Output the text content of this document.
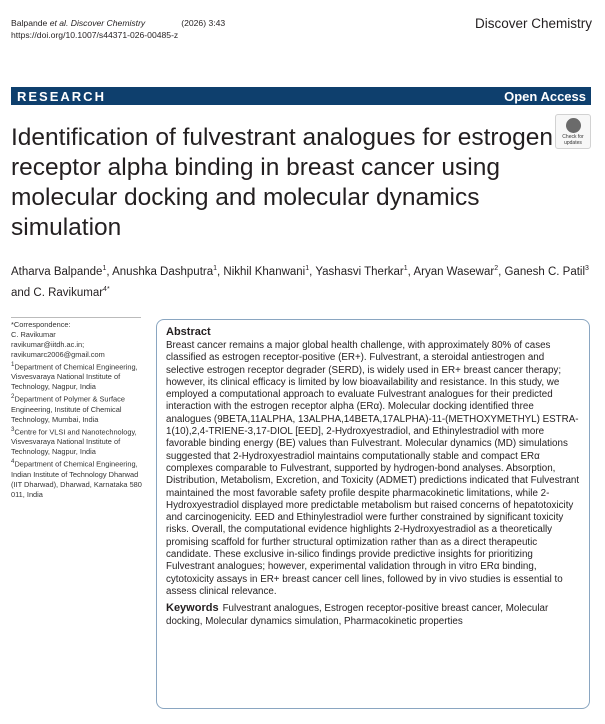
Balpande et al. Discover Chemistry	(2026) 3:43
https://doi.org/10.1007/s44371-026-00485-z
Discover Chemistry
RESEARCH	Open Access
Check for
updates
Identification of fulvestrant analogues for estrogen receptor alpha binding in breast cancer using molecular docking and molecular dynamics simulation
Atharva Balpande$^1$, Anushka Dashputra$^1$, Nikhil Khanwani$^1$, Yashasvi Therkar$^1$, Aryan Wasewar$^2$, Ganesh C. Patil$^3$ and C. Ravikumar$^{4*}$

*Correspondence:

C. Ravikumar

ravikumar@iitdh.ac.in;

ravikumarc2006@gmail.com

$^1$Department of Chemical Engineering, Visvesvaraya National Institute of Technology, Nagpur, India

$^2$Department of Polymer & Surface Engineering, Institute of Chemical Technology, Mumbai, India

$^3$Centre for VLSI and Nanotechnology, Visvesvaraya National Institute of Technology, Nagpur, India

$^4$Department of Chemical Engineering, Indian Institute of Technology Dharwad (IIT Dharwad), Dharwad, Karnataka 580 011, India

Abstract
Breast cancer remains a major global health challenge, with approximately 80% of cases classified as estrogen receptor-positive (ER+). Fulvestrant, a steroidal antiestrogen and selective estrogen receptor degrader (SERD), is widely used in ER+ breast cancer therapy; however, its clinical efficacy is limited by low bioavailability and resistance. In this study, we employed a computational approach to evaluate Fulvestrant analogues for their predicted interaction with the estrogen receptor alpha (ERα). Molecular docking identified three analogues (9BETA,11ALPHA, 13ALPHA,14BETA,17ALPHA)-11-(METHOXYMETHYL) ESTRA-1(10),2,4-TRIENE-3,17-DIOL [EED], 2-Hydroxyestradiol, and Ethinylestradiol with more favorable binding energy (BE) values than Fulvestrant. Molecular dynamics (MD) simulations suggested that 2-Hydroxyestradiol maintains computationally stable and compact ERα complexes comparable to Fulvestrant, supported by hydrogen-bond analyses. Absorption, Distribution, Metabolism, Excretion, and Toxicity (ADMET) predictions indicated that Fulvestrant maintained the most favorable safety profile despite pharmacokinetic limitations, while 2-Hydroxyestradiol displayed more predictable metabolism but raised concerns of hepatotoxicity and carcinogenicity. EED and Ethinylestradiol were further constrained by significant toxicity risks. Overall, the computational evidence highlights 2-Hydroxyestradiol as a theoretically promising scaffold for further structural optimization rather than as a direct therapeutic candidate. These exclusive in-silico findings provide predictive insights for prioritizing Fulvestrant analogues; however, experimental validation through in vitro ERα binding, cytotoxicity assays in ER+ breast cancer cell lines, followed by in vivo studies is essential to assess clinical relevance.
Keywords Fulvestrant analogues, Estrogen receptor-positive breast cancer, Molecular docking, Molecular dynamics simulation, Pharmacokinetic properties
